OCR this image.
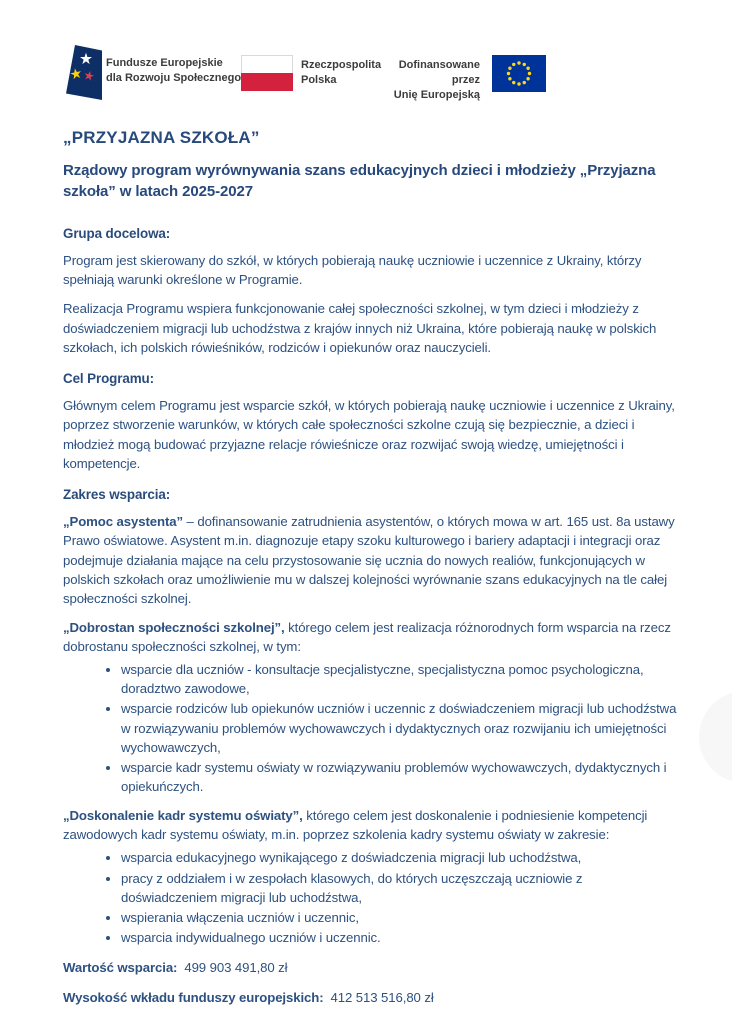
Fundusze Europejskie
dla Rozwoju Społecznego
Rzeczpospolita
Polska
Dofinansowane przez
Unię Europejską
„PRZYJAZNA SZKOŁA”
Rządowy program wyrównywania szans edukacyjnych dzieci i młodzieży „Przyjazna szkoła” w latach 2025-2027
Grupa docelowa:

Program jest skierowany do szkół, w których pobierają naukę uczniowie i uczennice z Ukrainy, którzy spełniają warunki określone w Programie.

Realizacja Programu wspiera funkcjonowanie całej społeczności szkolnej, w tym dzieci i młodzieży z doświadczeniem migracji lub uchodźstwa z krajów innych niż Ukraina, które pobierają naukę w polskich szkołach, ich polskich rówieśników, rodziców i opiekunów oraz nauczycieli.

Cel Programu:

Głównym celem Programu jest wsparcie szkół, w których pobierają naukę uczniowie i uczennice z Ukrainy, poprzez stworzenie warunków, w których całe społeczności szkolne czują się bezpiecznie, a dzieci i młodzież mogą budować przyjazne relacje rówieśnicze oraz rozwijać swoją wiedzę, umiejętności i kompetencje.

Zakres wsparcia:

„Pomoc asystenta” – dofinansowanie zatrudnienia asystentów, o których mowa w art. 165 ust. 8a ustawy Prawo oświatowe. Asystent m.in. diagnozuje etapy szoku kulturowego i bariery adaptacji i integracji oraz podejmuje działania mające na celu przystosowanie się ucznia do nowych realiów, funkcjonujących w polskich szkołach oraz umożliwienie mu w dalszej kolejności wyrównanie szans edukacyjnych na tle całej społeczności szkolnej.

„Dobrostan społeczności szkolnej”, którego celem jest realizacja różnorodnych form wsparcia na rzecz dobrostanu społeczności szkolnej, w tym:

• wsparcie dla uczniów - konsultacje specjalistyczne, specjalistyczna pomoc psychologiczna, doradztwo zawodowe,
• wsparcie rodziców lub opiekunów uczniów i uczennic z doświadczeniem migracji lub uchodźstwa w rozwiązywaniu problemów wychowawczych i dydaktycznych oraz rozwijaniu ich umiejętności wychowawczych,
• wsparcie kadr systemu oświaty w rozwiązywaniu problemów wychowawczych, dydaktycznych i opiekuńczych.

„Doskonalenie kadr systemu oświaty”, którego celem jest doskonalenie i podniesienie kompetencji zawodowych kadr systemu oświaty, m.in. poprzez szkolenia kadry systemu oświaty w zakresie:

• wsparcia edukacyjnego wynikającego z doświadczenia migracji lub uchodźstwa,
• pracy z oddziałem i w zespołach klasowych, do których uczęszczają uczniowie z doświadczeniem migracji lub uchodźstwa,
• wspierania włączenia uczniów i uczennic,
• wsparcia indywidualnego uczniów i uczennic.

Wartość wsparcia: 499 903 491,80 zł

Wysokość wkładu funduszy europejskich: 412 513 516,80 zł
